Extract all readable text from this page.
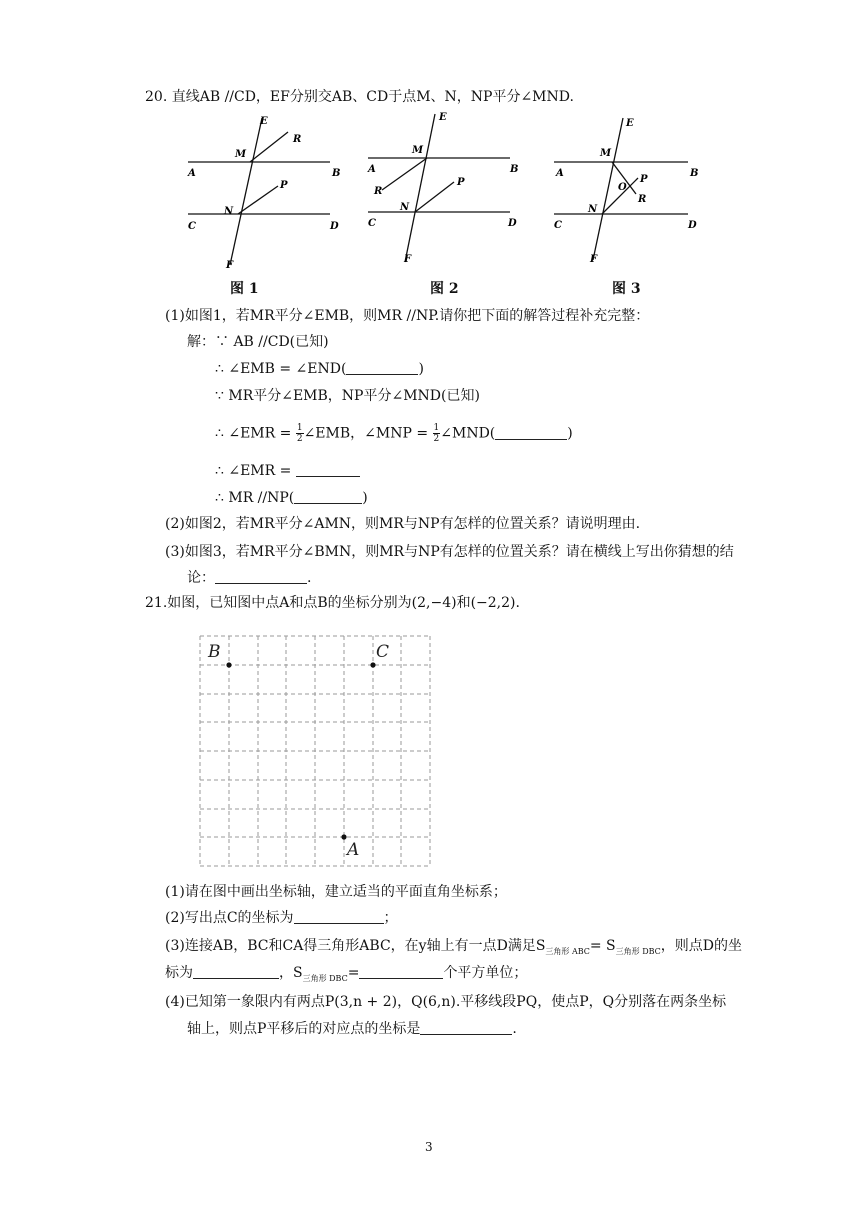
20. 直线AB //CD，EF分别交AB、CD于点M、N，NP平分∠MND.
E
R
M
A	B
P
N
C	D
F
E
M
A	B
R
P
N
C	D
F
E
M
A	B
O
P
R
N
C	D
F
图 1	图 2	图 3
(1)如图1，若MR平分∠EMB，则MR //NP.请你把下面的解答过程补充完整：
解：∵ AB //CD(已知)
∴ ∠EMB = ∠END(	)
∵ MR平分∠EMB，NP平分∠MND(已知)
∴ ∠EMR = $\frac{1}{2}$ ∠EMB，∠MNP = $\frac{1}{2}$ ∠MND(	)
∴ ∠EMR =
∴ MR //NP(	)
(2)如图2，若MR平分∠AMN，则MR与NP有怎样的位置关系？请说明理由.
(3)如图3，若MR平分∠BMN，则MR与NP有怎样的位置关系？请在横线上写出你猜想的结
论：	.
21.如图，已知图中点A和点B的坐标分别为(2,−4)和(−2,2).
B	C
A
(1)请在图中画出坐标轴，建立适当的平面直角坐标系；
(2)写出点C的坐标为	；
(3)连接AB，BC和CA得三角形ABC，在y轴上有一点D满足$S_{三角形 ABC}= S_{三角形 DBC}$，则点D的坐
标为	，$S_{三角形 DBC}=$	个平方单位；
(4)已知第一象限内有两点P(3,n + 2)，Q(6,n).平移线段PQ，使点P，Q分别落在两条坐标
轴上，则点P平移后的对应点的坐标是	.
3
